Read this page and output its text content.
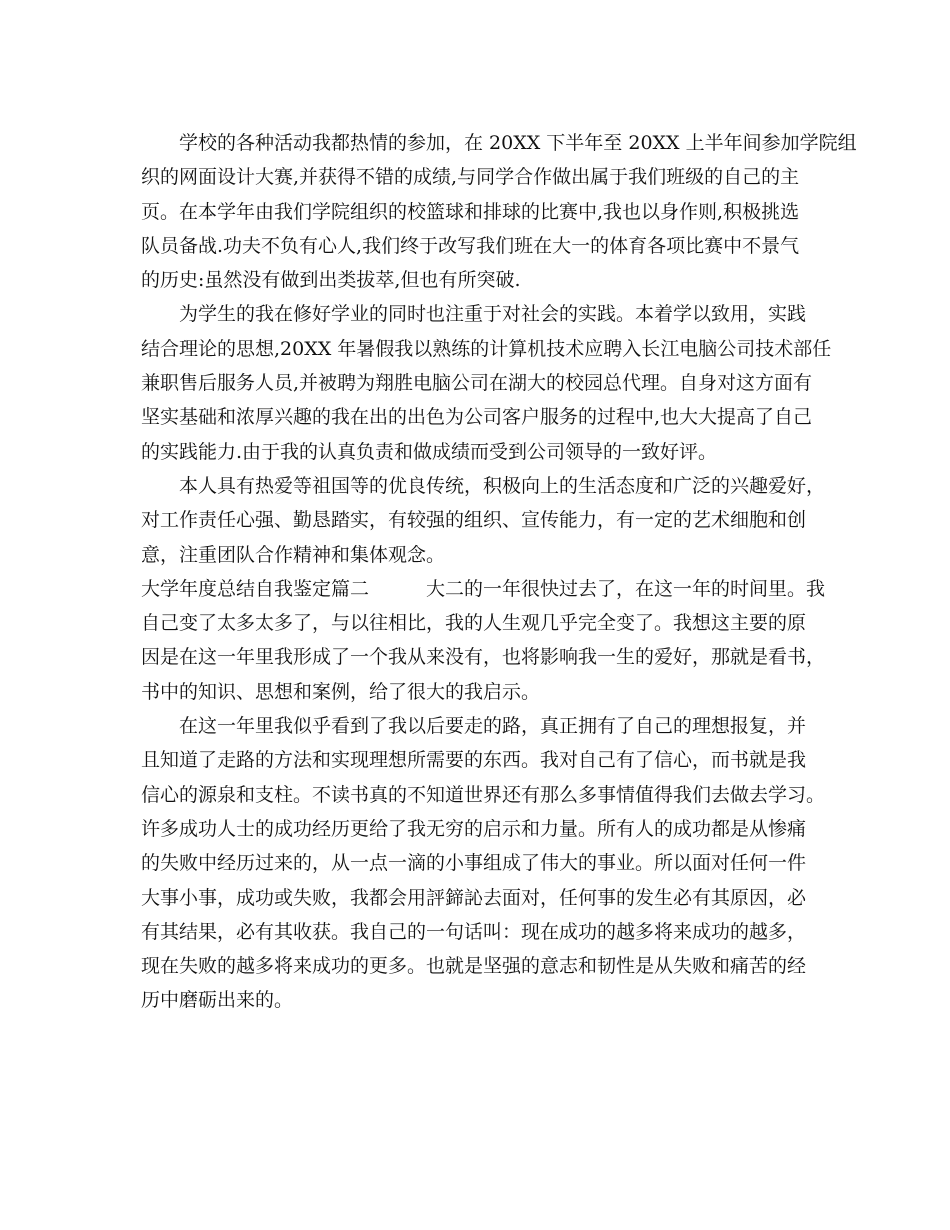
　　学校的各种活动我都热情的参加，在 20XX 下半年至 20XX 上半年间参加学院组
织的网面设计大赛,并获得不错的成绩,与同学合作做出属于我们班级的自己的主
页。在本学年由我们学院组织的校篮球和排球的比赛中,我也以身作则,积极挑选
队员备战.功夫不负有心人,我们终于改写我们班在大一的体育各项比赛中不景气
的历史:虽然没有做到出类拔萃,但也有所突破.
　　为学生的我在修好学业的同时也注重于对社会的实践。本着学以致用，实践
结合理论的思想,20XX 年暑假我以熟练的计算机技术应聘入长江电脑公司技术部任
兼职售后服务人员,并被聘为翔胜电脑公司在湖大的校园总代理。自身对这方面有
坚实基础和浓厚兴趣的我在出的出色为公司客户服务的过程中,也大大提高了自己
的实践能力.由于我的认真负责和做成绩而受到公司领导的一致好评。
　　本人具有热爱等祖国等的优良传统，积极向上的生活态度和广泛的兴趣爱好，
对工作责任心强、勤恳踏实，有较强的组织、宣传能力，有一定的艺术细胞和创
意，注重团队合作精神和集体观念。
大学年度总结自我鉴定篇二　　　大二的一年很快过去了，在这一年的时间里。我
自己变了太多太多了，与以往相比，我的人生观几乎完全变了。我想这主要的原
因是在这一年里我形成了一个我从来没有，也将影响我一生的爱好，那就是看书，
书中的知识、思想和案例，给了很大的我启示。
　　在这一年里我似乎看到了我以后要走的路，真正拥有了自己的理想报复，并
且知道了走路的方法和实现理想所需要的东西。我对自己有了信心，而书就是我
信心的源泉和支柱。不读书真的不知道世界还有那么多事情值得我们去做去学习。
许多成功人士的成功经历更给了我无穷的启示和力量。所有人的成功都是从惨痛
的失败中经历过来的，从一点一滴的小事组成了伟大的事业。所以面对任何一件
大事小事，成功或失败，我都会用評鍗訫去面对，任何事的发生必有其原因，必
有其结果，必有其收获。我自己的一句话叫：现在成功的越多将来成功的越多，
现在失败的越多将来成功的更多。也就是坚强的意志和韧性是从失败和痛苦的经
历中磨砺出来的。
